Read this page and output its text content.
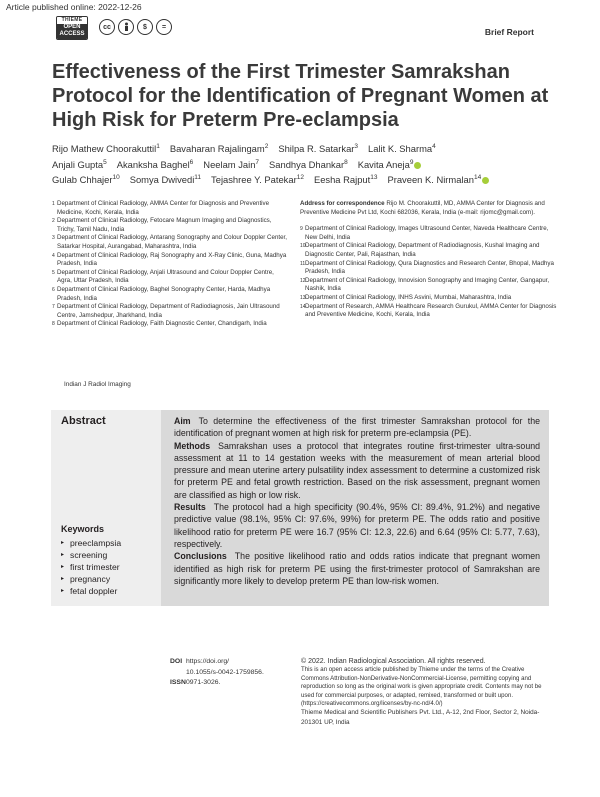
Article published online: 2022-12-26
THIEME
OPEN
ACCESS
cc	$	=	Brief Report
Effectiveness of the First Trimester Samrakshan Protocol for the Identification of Pregnant Women at High Risk for Preterm Pre-eclampsia
Rijo Mathew Choorakuttil$^1$ Bavaharan Rajalingam$^2$ Shilpa R. Satarkar$^3$ Lalit K. Sharma$^4$
Anjali Gupta$^5$ Akanksha Baghel$^6$ Neelam Jain$^7$ Sandhya Dhankar$^8$ Kavita Aneja$^9$
Gulab Chhajer$^{10}$ Somya Dwivedi$^{11}$ Tejashree Y. Patekar$^{12}$ Eesha Rajput$^{13}$ Praveen K. Nirmalan$^{14}$
1 Department of Clinical Radiology, AMMA Center for Diagnosis and Preventive Medicine, Kochi, Kerala, India
2 Department of Clinical Radiology, Fetocare Magnum Imaging and Diagnostics, Trichy, Tamil Nadu, India
3 Department of Clinical Radiology, Antarang Sonography and Colour Doppler Center, Satarkar Hospital, Aurangabad, Maharashtra, India
4 Department of Clinical Radiology, Raj Sonography and X-Ray Clinic, Guna, Madhya Pradesh, India
5 Department of Clinical Radiology, Anjali Ultrasound and Colour Doppler Centre, Agra, Uttar Pradesh, India
6 Department of Clinical Radiology, Baghel Sonography Center, Harda, Madhya Pradesh, India
7 Department of Clinical Radiology, Department of Radiodiagnosis, Jain Ultrasound Centre, Jamshedpur, Jharkhand, India
8 Department of Clinical Radiology, Faith Diagnostic Center, Chandigarh, India
Address for correspondence Rijo M. Choorakuttil, MD, AMMA Center for Diagnosis and Preventive Medicine Pvt Ltd, Kochi 682036, Kerala, India (e-mail: rijomc@gmail.com).
9 Department of Clinical Radiology, Images Ultrasound Center, Naveda Healthcare Centre, New Delhi, India
10 Department of Clinical Radiology, Department of Radiodiagnosis, Kushal Imaging and Diagnostic Center, Pali, Rajasthan, India
11 Department of Clinical Radiology, Qura Diagnostics and Research Center, Bhopal, Madhya Pradesh, India
12 Department of Clinical Radiology, Innovision Sonography and Imaging Center, Gangapur, Nashik, India
13 Department of Clinical Radiology, INHS Asvini, Mumbai, Maharashtra, India
14 Department of Research, AMMA Healthcare Research Gurukul, AMMA Center for Diagnosis and Preventive Medicine, Kochi, Kerala, India
Indian J Radiol Imaging
Abstract	Aim To determine the effectiveness of the first trimester Samrakshan protocol for the identification of pregnant women at high risk for preterm pre-eclampsia (PE).

Methods Samrakshan uses a protocol that integrates routine first-trimester ultra-sound assessment at 11 to 14 gestation weeks with the measurement of mean arterial blood pressure and mean uterine artery pulsatility index assessment to determine a customized risk for preterm PE and fetal growth restriction. Based on the risk assessment, pregnant women are classified as high or low risk.

Results The protocol had a high specificity (90.4%, 95% CI: 89.4%, 91.2%) and negative predictive value (98.1%, 95% CI: 97.6%, 99%) for preterm PE. The odds ratio and positive likelihood ratio for preterm PE were 16.7 (95% CI: 12.3, 22.6) and 6.64 (95% CI: 5.77, 7.63), respectively.

Conclusions The positive likelihood ratio and odds ratios indicate that pregnant women identified as high risk for preterm PE using the first-trimester protocol of Samrakshan are significantly more likely to develop preterm PE than low-risk women.

Keywords
▸ preeclampsia
▸ screening
▸ first trimester
▸ pregnancy
▸ fetal doppler
DOI https://doi.org/
10.1055/s-0042-1759856.
ISSN0971-3026.
© 2022. Indian Radiological Association. All rights reserved.
This is an open access article published by Thieme under the terms of the Creative Commons Attribution-NonDerivative-NonCommercial-License, permitting copying and reproduction so long as the original work is given appropriate credit. Contents may not be used for commercial purposes, or adapted, remixed, transformed or built upon. (https://creativecommons.org/licenses/by-nc-nd/4.0/)
Thieme Medical and Scientific Publishers Pvt. Ltd., A-12, 2nd Floor, Sector 2, Noida-201301 UP, India
